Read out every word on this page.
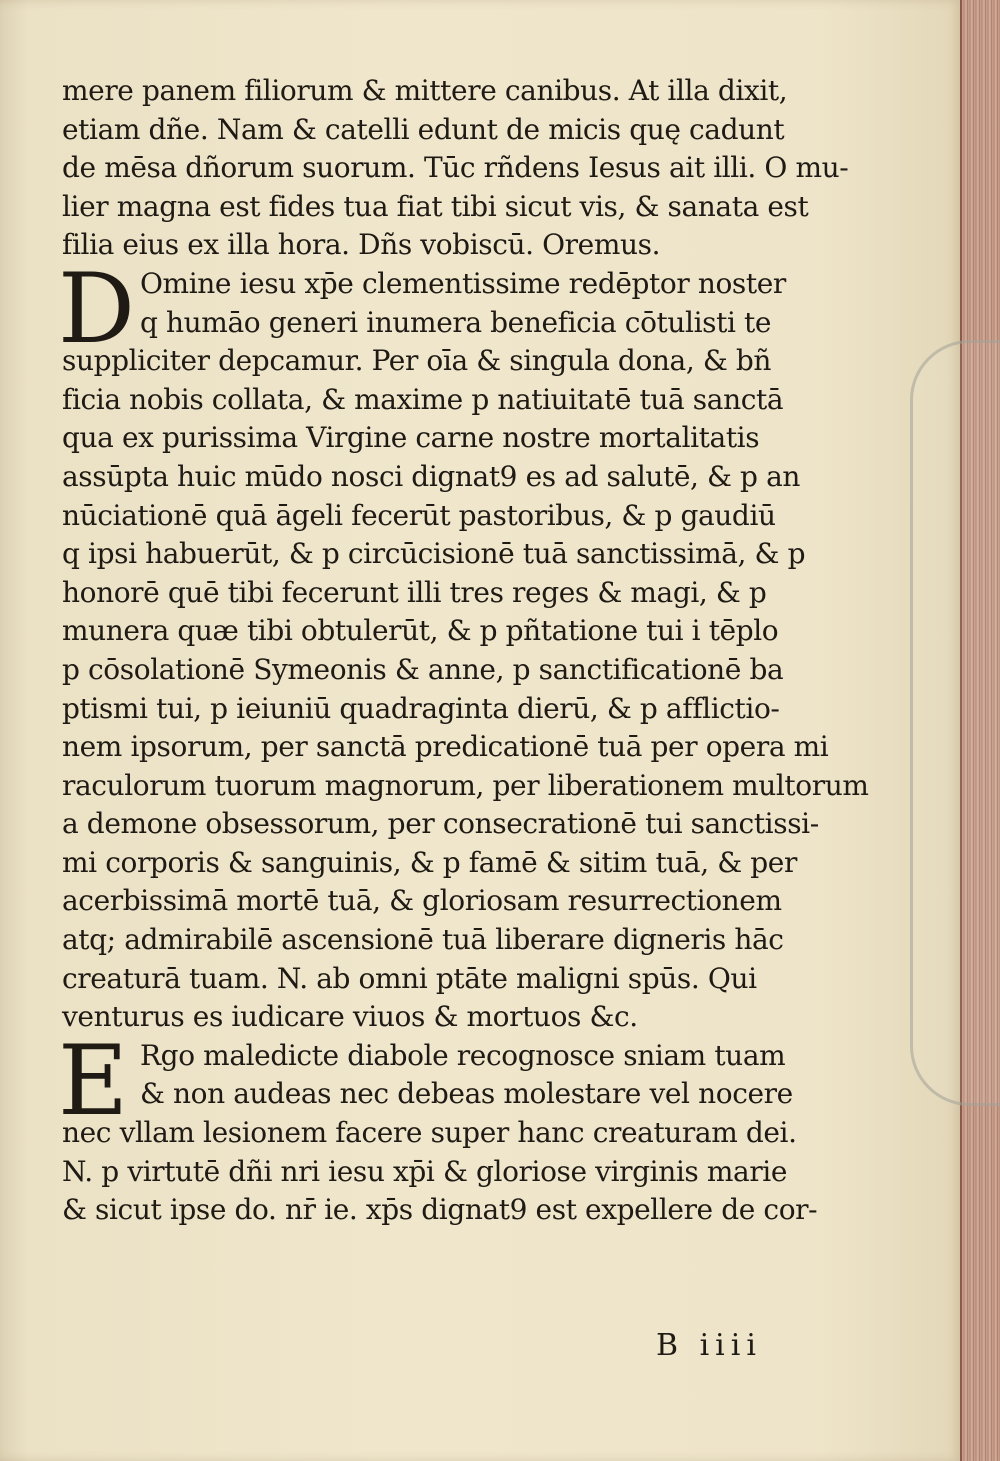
mere panem filiorum & mittere canibus. At illa dixit,
etiam dñe. Nam & catelli edunt de micis quę cadunt
de mēsa dñorum suorum. Tūc rñdens Iesus ait illi. O mu-
lier magna est fides tua fiat tibi sicut vis, & sanata est
filia eius ex illa hora. Dñs vobiscū. Oremus.
D Omine iesu xp̄e clementissime redēptor noster
q humāo generi inumera beneficia cōtulisti te
suppliciter depcamur. Per oīa & singula dona, & bñ
ficia nobis collata, & maxime p natiuitatē tuā sanctā
qua ex purissima Virgine carne nostre mortalitatis
assūpta huic mūdo nosci dignat9 es ad salutē, & p an
nūciationē quā āgeli fecerūt pastoribus, & p gaudiū
q ipsi habuerūt, & p circūcisionē tuā sanctissimā, & p
honorē quē tibi fecerunt illi tres reges & magi, & p
munera quæ tibi obtulerūt, & p pñtatione tui i tēplo
p cōsolationē Symeonis & anne, p sanctificationē ba
ptismi tui, p ieiuniū quadraginta dierū, & p afflictio-
nem ipsorum, per sanctā predicationē tuā per opera mi
raculorum tuorum magnorum, per liberationem multorum
a demone obsessorum, per consecrationē tui sanctissi-
mi corporis & sanguinis, & p famē & sitim tuā, & per
acerbissimā mortē tuā, & gloriosam resurrectionem
atq; admirabilē ascensionē tuā liberare digneris hāc
creaturā tuam. N. ab omni ptāte maligni spūs. Qui
venturus es iudicare viuos & mortuos &c.
E Rgo maledicte diabole recognosce sniam tuam
& non audeas nec debeas molestare vel nocere
nec vllam lesionem facere super hanc creaturam dei.
N. p virtutē dñi nri iesu xp̄i & gloriose virginis marie
& sicut ipse do. nr̄ ie. xp̄s dignat9 est expellere de cor-
B iiii
